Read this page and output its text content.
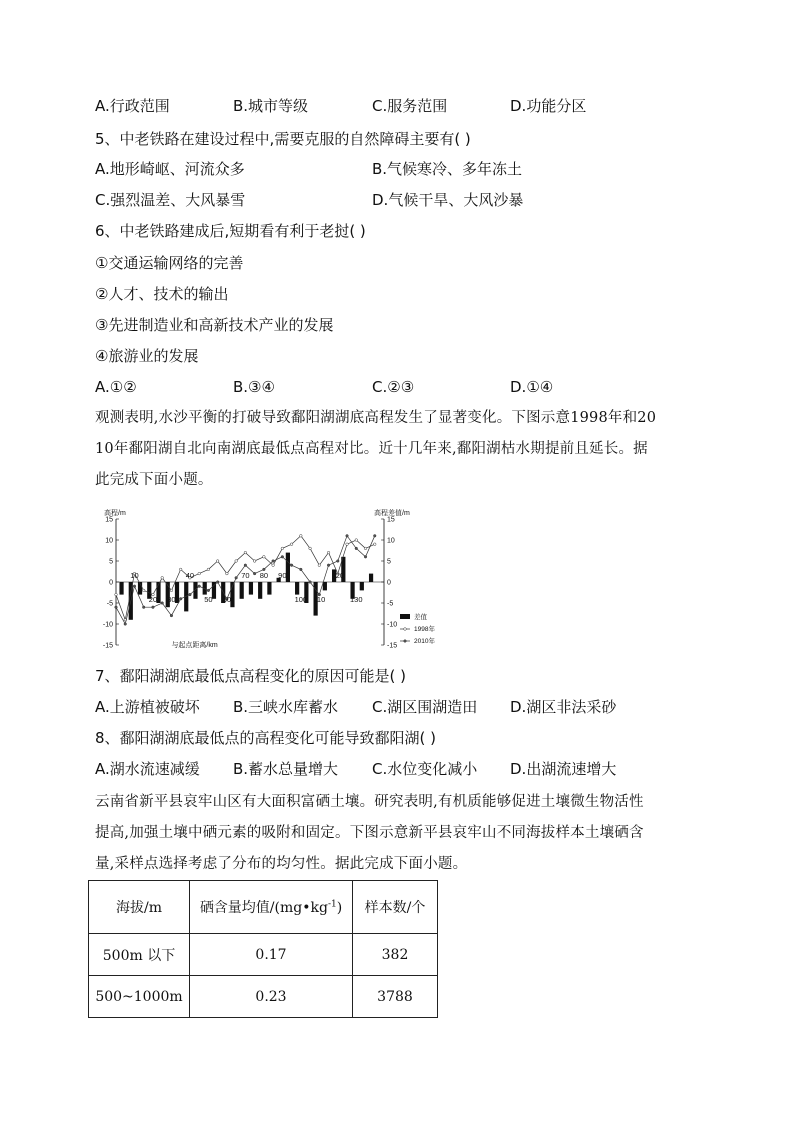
A.行政范围	B.城市等级	C.服务范围	D.功能分区
5、中老铁路在建设过程中,需要克服的自然障碍主要有( )
A.地形崎岖、河流众多	B.气候寒冷、多年冻土
C.强烈温差、大风暴雪	D.气候干旱、大风沙暴
6、中老铁路建成后,短期看有利于老挝( )
①交通运输网络的完善
②人才、技术的输出
③先进制造业和高新技术产业的发展
④旅游业的发展
A.①②	B.③④	C.②③	D.①④
观测表明,水沙平衡的打破导致鄱阳湖湖底高程发生了显著变化。下图示意1998年和20
10年鄱阳湖自北向南湖底最低点高程对比。近十几年来,鄱阳湖枯水期提前且延长。据
此完成下面小题。
15
10
5
0
-5
-10
-15
15
10
5
0
-5
-10
-15
高程/m	高程差值/m
与起点距离/km
10
20 30
40
50 60
70 80 90
100 110
120
130
差值
1998年
2010年
7、鄱阳湖湖底最低点高程变化的原因可能是( )
A.上游植被破坏 B.三峡水库蓄水 C.湖区围湖造田 D.湖区非法采砂
8、鄱阳湖湖底最低点的高程变化可能导致鄱阳湖( )
A.湖水流速减缓 B.蓄水总量增大 C.水位变化减小 D.出湖流速增大
云南省新平县哀牢山区有大面积富硒土壤。研究表明,有机质能够促进土壤微生物活性
提高,加强土壤中硒元素的吸附和固定。下图示意新平县哀牢山不同海拔样本土壤硒含
量,采样点选择考虑了分布的均匀性。据此完成下面小题。
海拔/m	硒含量均值$/(mg•kg^{-1})$	样本数/个
500m 以下	0.17	382
500~1000m	0.23	3788
